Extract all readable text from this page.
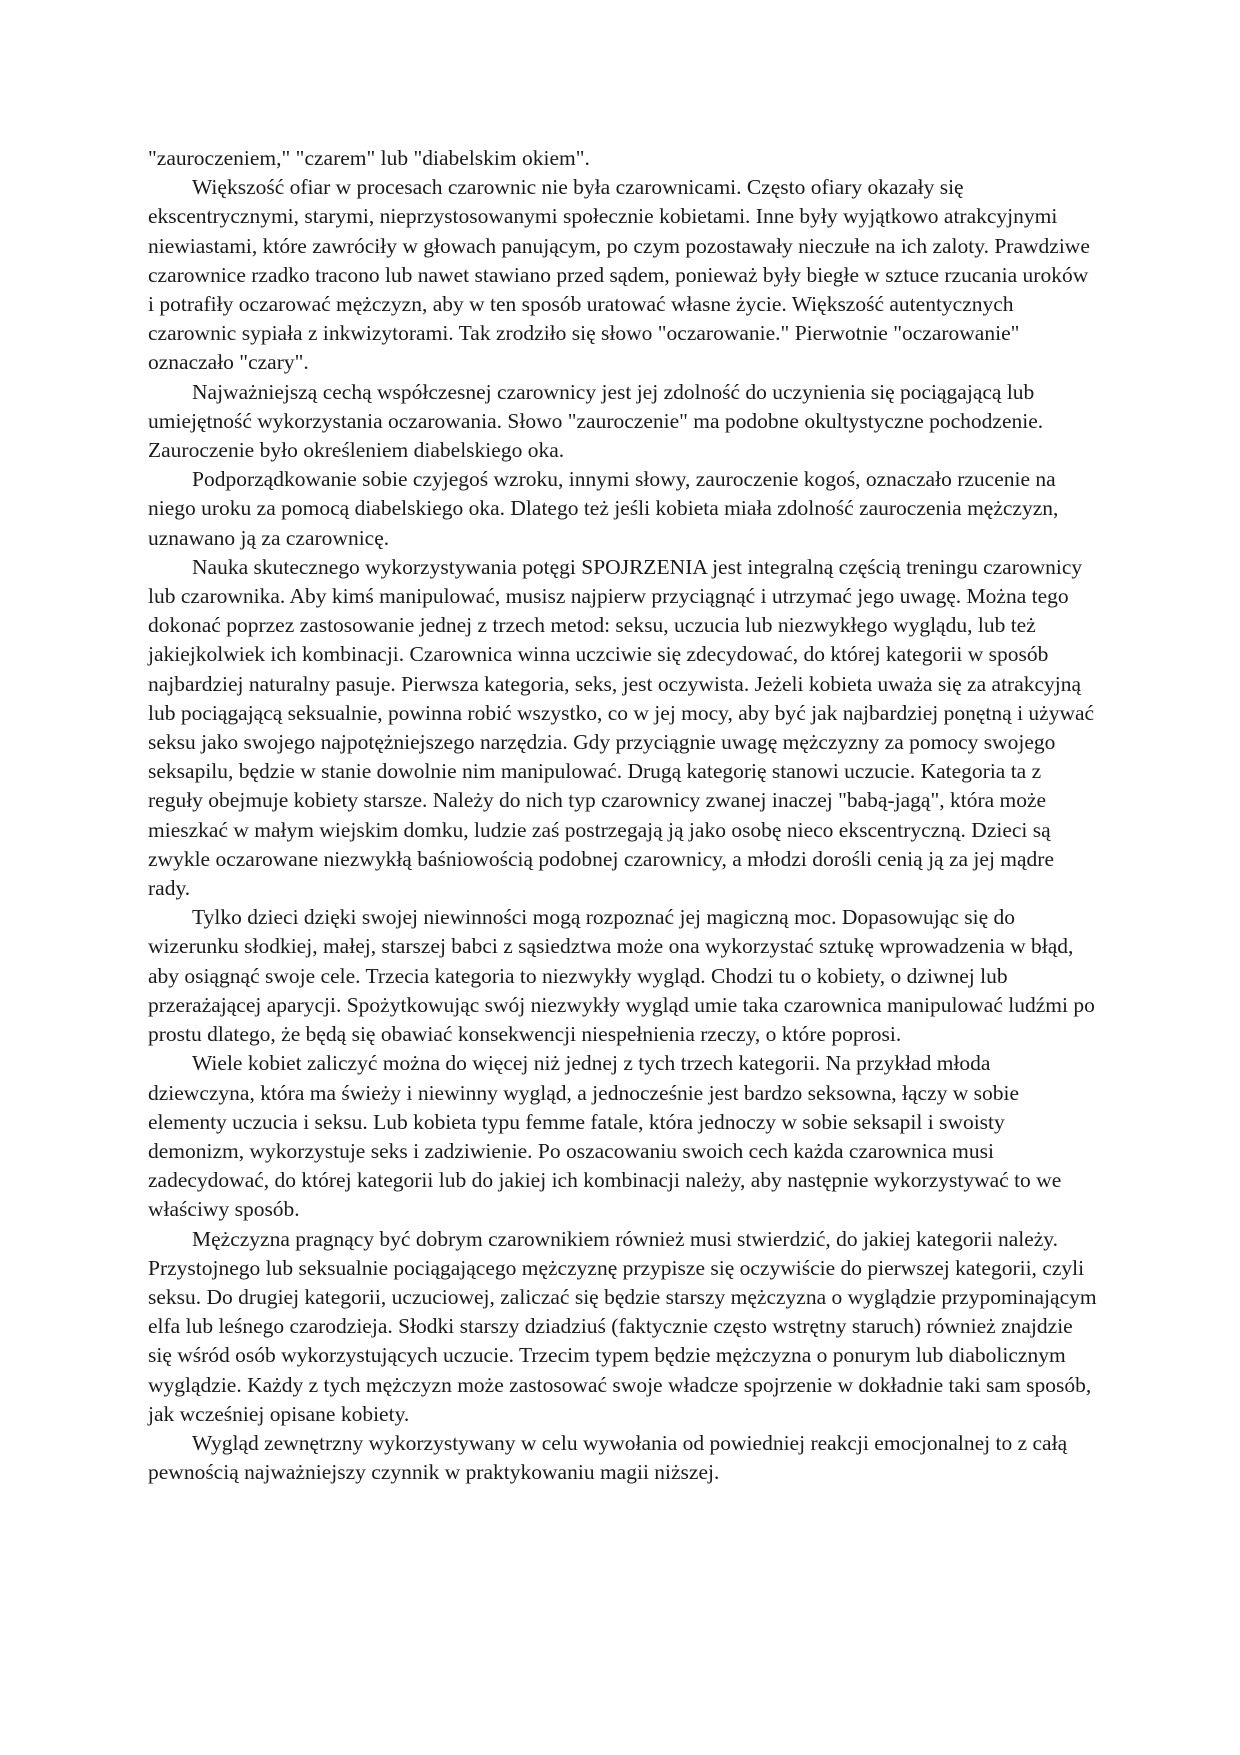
"zauroczeniem," "czarem" lub "diabelskim okiem".

Większość ofiar w procesach czarownic nie była czarownicami. Często ofiary okazały się ekscentrycznymi, starymi, nieprzystosowanymi społecznie kobietami. Inne były wyjątkowo atrakcyjnymi niewiastami, które zawróciły w głowach panującym, po czym pozostawały nieczułe na ich zaloty. Prawdziwe czarownice rzadko tracono lub nawet stawiano przed sądem, ponieważ były biegłe w sztuce rzucania uroków i potrafiły oczarować mężczyzn, aby w ten sposób uratować własne życie. Większość autentycznych czarownic sypiała z inkwizytorami. Tak zrodziło się słowo "oczarowanie." Pierwotnie "oczarowanie" oznaczało "czary".

Najważniejszą cechą współczesnej czarownicy jest jej zdolność do uczynienia się pociągającą lub umiejętność wykorzystania oczarowania. Słowo "zauroczenie" ma podobne okultystyczne pochodzenie. Zauroczenie było określeniem diabelskiego oka.

Podporządkowanie sobie czyjegoś wzroku, innymi słowy, zauroczenie kogoś, oznaczało rzucenie na niego uroku za pomocą diabelskiego oka. Dlatego też jeśli kobieta miała zdolność zauroczenia mężczyzn, uznawano ją za czarownicę.

Nauka skutecznego wykorzystywania potęgi SPOJRZENIA jest integralną częścią treningu czarownicy lub czarownika. Aby kimś manipulować, musisz najpierw przyciągnąć i utrzymać jego uwagę. Można tego dokonać poprzez zastosowanie jednej z trzech metod: seksu, uczucia lub niezwykłego wyglądu, lub też jakiejkolwiek ich kombinacji. Czarownica winna uczciwie się zdecydować, do której kategorii w sposób najbardziej naturalny pasuje. Pierwsza kategoria, seks, jest oczywista. Jeżeli kobieta uważa się za atrakcyjną lub pociągającą seksualnie, powinna robić wszystko, co w jej mocy, aby być jak najbardziej ponętną i używać seksu jako swojego najpotężniejszego narzędzia. Gdy przyciągnie uwagę mężczyzny za pomocy swojego seksapilu, będzie w stanie dowolnie nim manipulować. Drugą kategorię stanowi uczucie. Kategoria ta z reguły obejmuje kobiety starsze. Należy do nich typ czarownicy zwanej inaczej "babą-jagą", która może mieszkać w małym wiejskim domku, ludzie zaś postrzegają ją jako osobę nieco ekscentryczną. Dzieci są zwykle oczarowane niezwykłą baśniowością podobnej czarownicy, a młodzi dorośli cenią ją za jej mądre rady.

Tylko dzieci dzięki swojej niewinności mogą rozpoznać jej magiczną moc. Dopasowując się do wizerunku słodkiej, małej, starszej babci z sąsiedztwa może ona wykorzystać sztukę wprowadzenia w błąd, aby osiągnąć swoje cele. Trzecia kategoria to niezwykły wygląd. Chodzi tu o kobiety, o dziwnej lub przerażającej aparycji. Spożytkowując swój niezwykły wygląd umie taka czarownica manipulować ludźmi po prostu dlatego, że będą się obawiać konsekwencji niespełnienia rzeczy, o które poprosi.

Wiele kobiet zaliczyć można do więcej niż jednej z tych trzech kategorii. Na przykład młoda dziewczyna, która ma świeży i niewinny wygląd, a jednocześnie jest bardzo seksowna, łączy w sobie elementy uczucia i seksu. Lub kobieta typu femme fatale, która jednoczy w sobie seksapil i swoisty demonizm, wykorzystuje seks i zadziwienie. Po oszacowaniu swoich cech każda czarownica musi zadecydować, do której kategorii lub do jakiej ich kombinacji należy, aby następnie wykorzystywać to we właściwy sposób.

Mężczyzna pragnący być dobrym czarownikiem również musi stwierdzić, do jakiej kategorii należy. Przystojnego lub seksualnie pociągającego mężczyznę przypisze się oczywiście do pierwszej kategorii, czyli seksu. Do drugiej kategorii, uczuciowej, zaliczać się będzie starszy mężczyzna o wyglądzie przypominającym elfa lub leśnego czarodzieja. Słodki starszy dziadziuś (faktycznie często wstrętny staruch) również znajdzie się wśród osób wykorzystujących uczucie. Trzecim typem będzie mężczyzna o ponurym lub diabolicznym wyglądzie. Każdy z tych mężczyzn może zastosować swoje władcze spojrzenie w dokładnie taki sam sposób, jak wcześniej opisane kobiety.

Wygląd zewnętrzny wykorzystywany w celu wywołania od powiedniej reakcji emocjonalnej to z całą pewnością najważniejszy czynnik w praktykowaniu magii niższej.
